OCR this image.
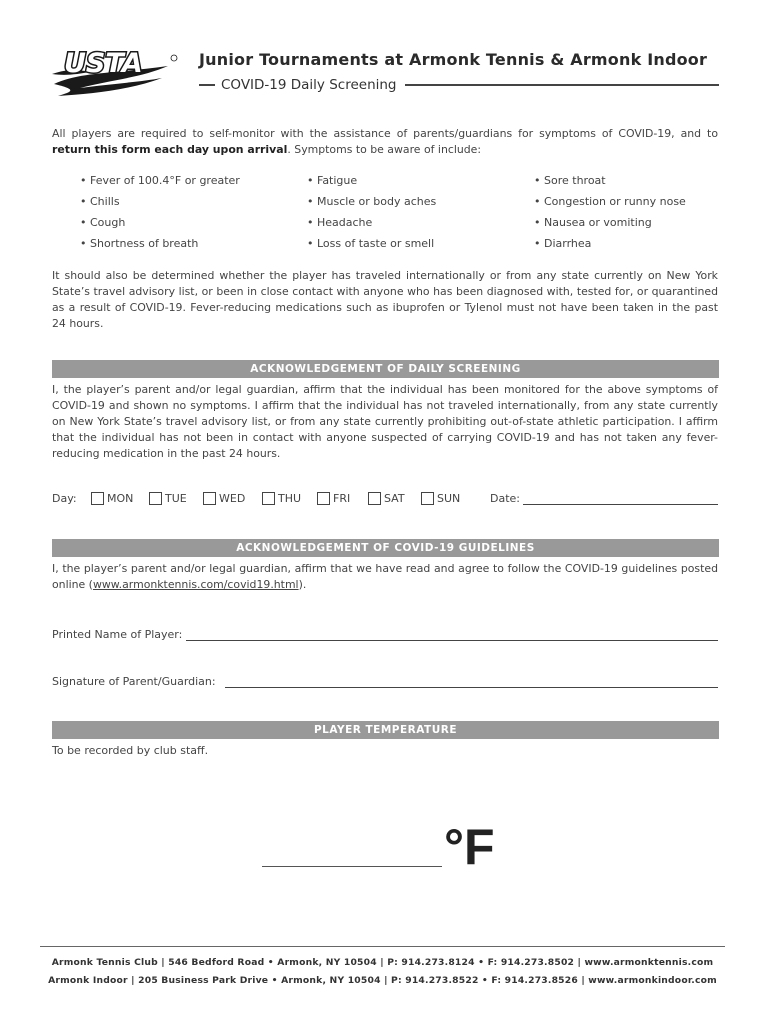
USTA	Junior Tournaments at Armonk Tennis & Armonk Indoor
COVID-19 Daily Screening
All players are required to self-monitor with the assistance of parents/guardians for symptoms of COVID-19, and to return this form each day upon arrival. Symptoms to be aware of include:
• Fever of 100.4°F or greater	• Fatigue	• Sore throat
• Chills	• Muscle or body aches	• Congestion or runny nose
• Cough	• Headache	• Nausea or vomiting
• Shortness of breath	• Loss of taste or smell	• Diarrhea
It should also be determined whether the player has traveled internationally or from any state currently on New York State’s travel advisory list, or been in close contact with anyone who has been diagnosed with, tested for, or quarantined as a result of COVID-19. Fever-reducing medications such as ibuprofen or Tylenol must not have been taken in the past 24 hours.
ACKNOWLEDGEMENT OF DAILY SCREENING
I, the player’s parent and/or legal guardian, affirm that the individual has been monitored for the above symptoms of COVID-19 and shown no symptoms. I affirm that the individual has not traveled internationally, from any state currently on New York State’s travel advisory list, or from any state currently prohibiting out-of-state athletic participation. I affirm that the individual has not been in contact with anyone suspected of carrying COVID-19 and has not taken any fever-reducing medication in the past 24 hours.
Day:	MON	TUE	WED	THU	FRI	SAT	SUN	Date:
ACKNOWLEDGEMENT OF COVID-19 GUIDELINES
I, the player’s parent and/or legal guardian, affirm that we have read and agree to follow the COVID-19 guidelines posted online (www.armonktennis.com/covid19.html).
Printed Name of Player:
Signature of Parent/Guardian:
PLAYER TEMPERATURE
To be recorded by club staff.
°F
Armonk Tennis Club | 546 Bedford Road • Armonk, NY 10504 | P: 914.273.8124 • F: 914.273.8502 | www.armonktennis.com
Armonk Indoor | 205 Business Park Drive • Armonk, NY 10504 | P: 914.273.8522 • F: 914.273.8526 | www.armonkindoor.com
